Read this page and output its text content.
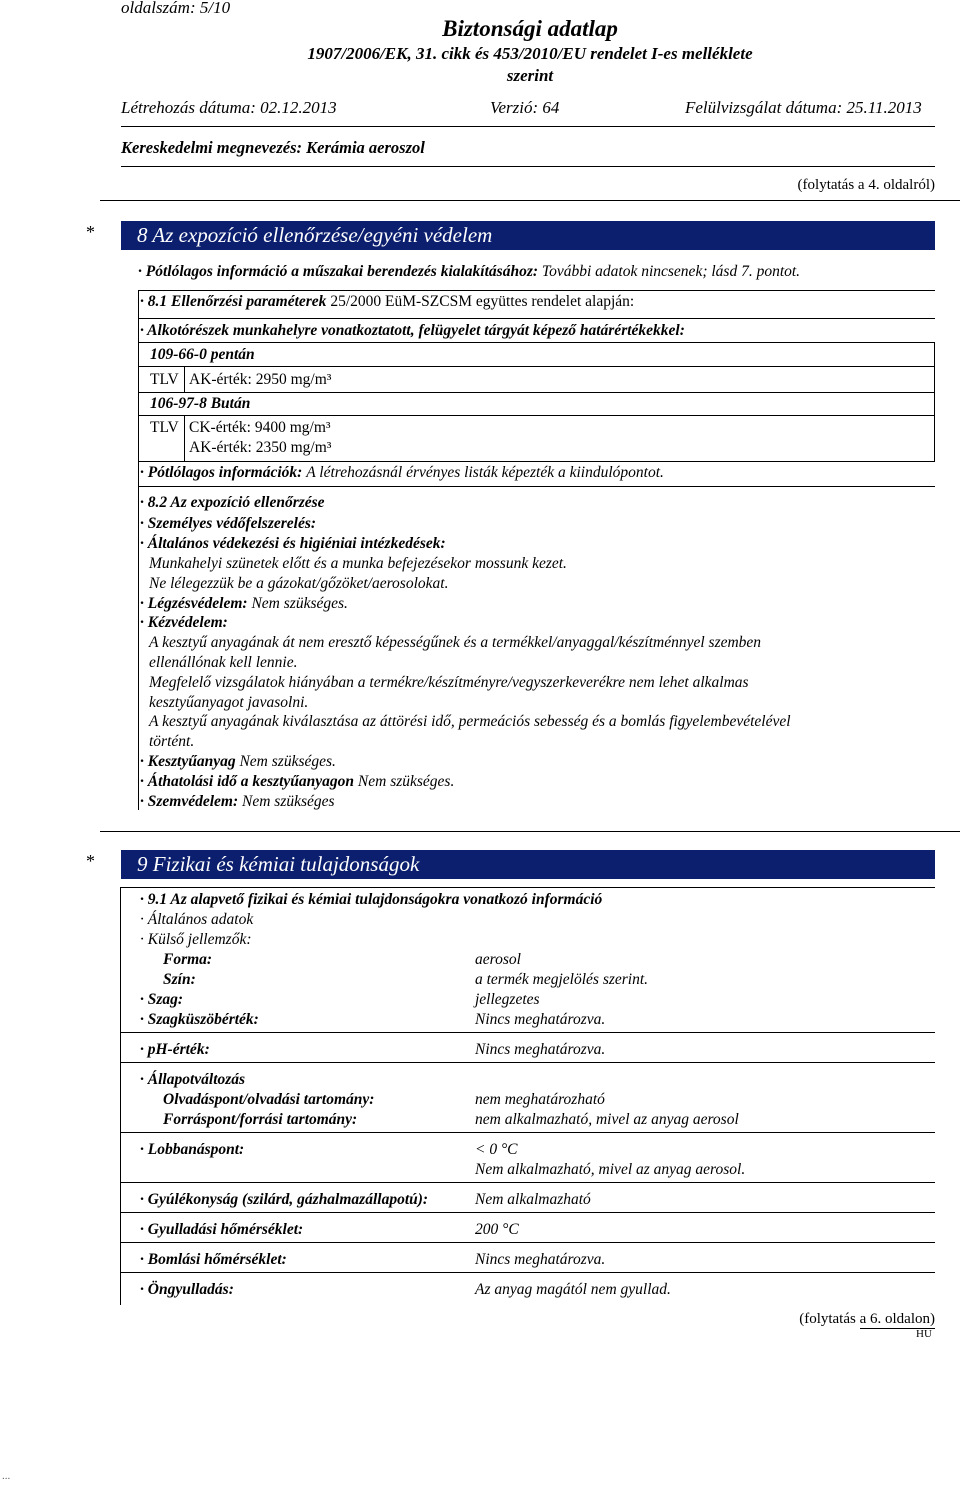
oldalszám: 5/10
Biztonsági adatlap
1907/2006/EK, 31. cikk és 453/2010/EU rendelet I-es melléklete
szerint
Létrehozás dátuma: 02.12.2013	Verzió: 64	Felülvizsgálat dátuma: 25.11.2013
Kereskedelmi megnevezés: Kerámia aeroszol
(folytatás a 4. oldalról)
*	8 Az expozíció ellenőrzése/egyéni védelem
· Pótlólagos információ a műszakai berendezés kialakításához: További adatok nincsenek; lásd 7. pontot.
· 8.1 Ellenőrzési paraméterek 25/2000 EüM-SZCSM együttes rendelet alapján:
· Alkotórészek munkahelyre vonatkoztatott, felügyelet tárgyát képező határértékekkel:
109-66-0 pentán
TLV AK-érték: 2950 mg/m³
106-97-8 Bután
TLV CK-érték: 9400 mg/m³
AK-érték: 2350 mg/m³
· Pótlólagos információk: A létrehozásnál érvényes listák képezték a kiindulópontot.
· 8.2 Az expozíció ellenőrzése
· Személyes védőfelszerelés:
· Általános védekezési és higiéniai intézkedések:
Munkahelyi szünetek előtt és a munka befejezésekor mossunk kezet.
Ne lélegezzük be a gázokat/gőzöket/aerosolokat.
· Légzésvédelem: Nem szükséges.
· Kézvédelem:
A kesztyű anyagának át nem eresztő képességűnek és a termékkel/anyaggal/készítménnyel szemben
ellenállónak kell lennie.
Megfelelő vizsgálatok hiányában a termékre/készítményre/vegyszerkeverékre nem lehet alkalmas
kesztyűanyagot javasolni.
A kesztyű anyagának kiválasztása az áttörési idő, permeációs sebesség és a bomlás figyelembevételével
történt.
· Kesztyűanyag Nem szükséges.
· Áthatolási idő a kesztyűanyagon Nem szükséges.
· Szemvédelem: Nem szükséges
*	9 Fizikai és kémiai tulajdonságok
· 9.1 Az alapvető fizikai és kémiai tulajdonságokra vonatkozó információ
· Általános adatok
· Külső jellemzők:
Forma:	aerosol
Szín:	a termék megjelölés szerint.
· Szag:	jellegzetes
· Szagküszöbérték:	Nincs meghatározva.
· pH-érték:	Nincs meghatározva.
· Állapotváltozás
Olvadáspont/olvadási tartomány:	nem meghatározható
Forráspont/forrási tartomány:	nem alkalmazható, mivel az anyag aerosol
· Lobbanáspont:	< 0 °C
Nem alkalmazható, mivel az anyag aerosol.
· Gyúlékonyság (szilárd, gázhalmazállapotú):	Nem alkalmazható
· Gyulladási hőmérséklet:	200 °C
· Bomlási hőmérséklet:	Nincs meghatározva.
· Öngyulladás:	Az anyag magától nem gyullad.
(folytatás a 6. oldalon)
HU
...
